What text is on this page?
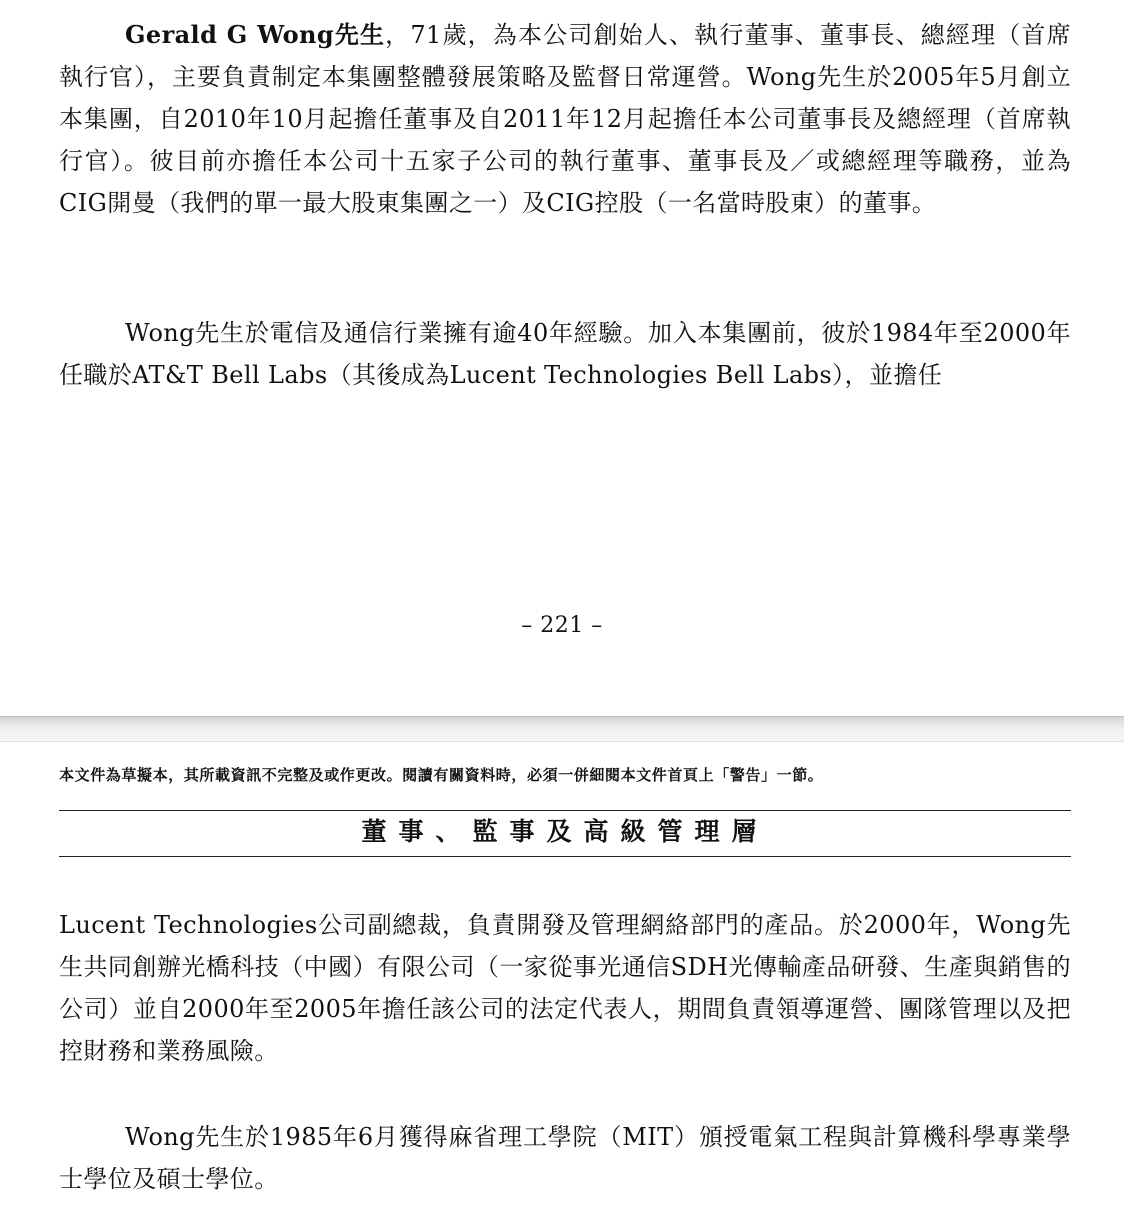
Gerald G Wong先生，71歲，為本公司創始人、執行董事、董事長、總經理（首席執行官），主要負責制定本集團整體發展策略及監督日常運營。Wong先生於2005年5月創立本集團，自2010年10月起擔任董事及自2011年12月起擔任本公司董事長及總經理（首席執行官）。彼目前亦擔任本公司十五家子公司的執行董事、董事長及／或總經理等職務，並為CIG開曼（我們的單一最大股東集團之一）及CIG控股（一名當時股東）的董事。

Wong先生於電信及通信行業擁有逾40年經驗。加入本集團前，彼於1984年至2000年任職於AT&T Bell Labs（其後成為Lucent Technologies Bell Labs），並擔任

– 221 –
本文件為草擬本，其所載資訊不完整及或作更改。閱讀有關資料時，必須一併細閱本文件首頁上「警告」一節。
董事、監事及高級管理層

Lucent Technologies公司副總裁，負責開發及管理網絡部門的產品。於2000年，Wong先生共同創辦光橋科技（中國）有限公司（一家從事光通信SDH光傳輸產品研發、生產與銷售的公司）並自2000年至2005年擔任該公司的法定代表人，期間負責領導運營、團隊管理以及把控財務和業務風險。

Wong先生於1985年6月獲得麻省理工學院（MIT）頒授電氣工程與計算機科學專業學士學位及碩士學位。
